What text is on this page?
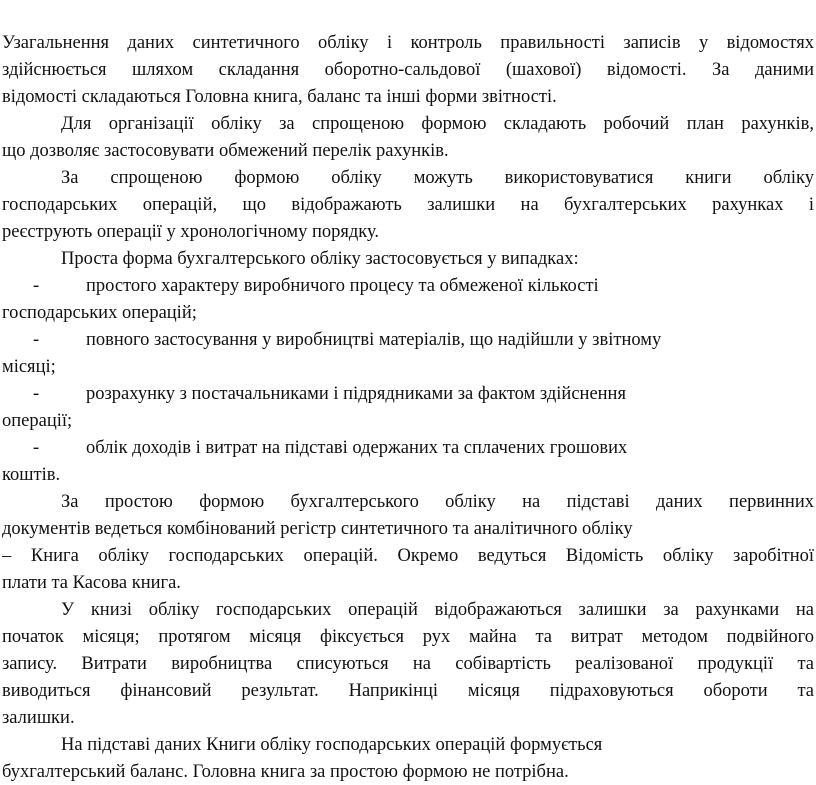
Узагальнення даних синтетичного обліку і контроль правильності записів у відомостях
здійснюється шляхом складання оборотно-сальдової (шахової) відомості. За даними
відомості складаються Головна книга, баланс та інші форми звітності.
Для організації обліку за спрощеною формою складають робочий план рахунків,
що дозволяє застосовувати обмежений перелік рахунків.
За спрощеною формою обліку можуть використовуватися книги обліку
господарських операцій, що відображають залишки на бухгалтерських рахунках і
реєструють операції у хронологічному порядку.
Проста форма бухгалтерського обліку застосовується у випадках:
-	простого характеру виробничого процесу та обмеженої кількості
господарських операцій;
-	повного застосування у виробництві матеріалів, що надійшли у звітному
місяці;
-	розрахунку з постачальниками і підрядниками за фактом здійснення
операції;
-	облік доходів і витрат на підставі одержаних та сплачених грошових
коштів.
За простою формою бухгалтерського обліку на підставі даних первинних
документів ведеться комбінований регістр синтетичного та аналітичного обліку
– Книга обліку господарських операцій. Окремо ведуться Відомість обліку заробітної
плати та Касова книга.
У книзі обліку господарських операцій відображаються залишки за рахунками на
початок місяця; протягом місяця фіксується рух майна та витрат методом подвійного
запису. Витрати виробництва списуються на собівартість реалізованої продукції та
виводиться фінансовий результат. Наприкінці місяця підраховуються обороти та
залишки.
На підставі даних Книги обліку господарських операцій формується
бухгалтерський баланс. Головна книга за простою формою не потрібна.
